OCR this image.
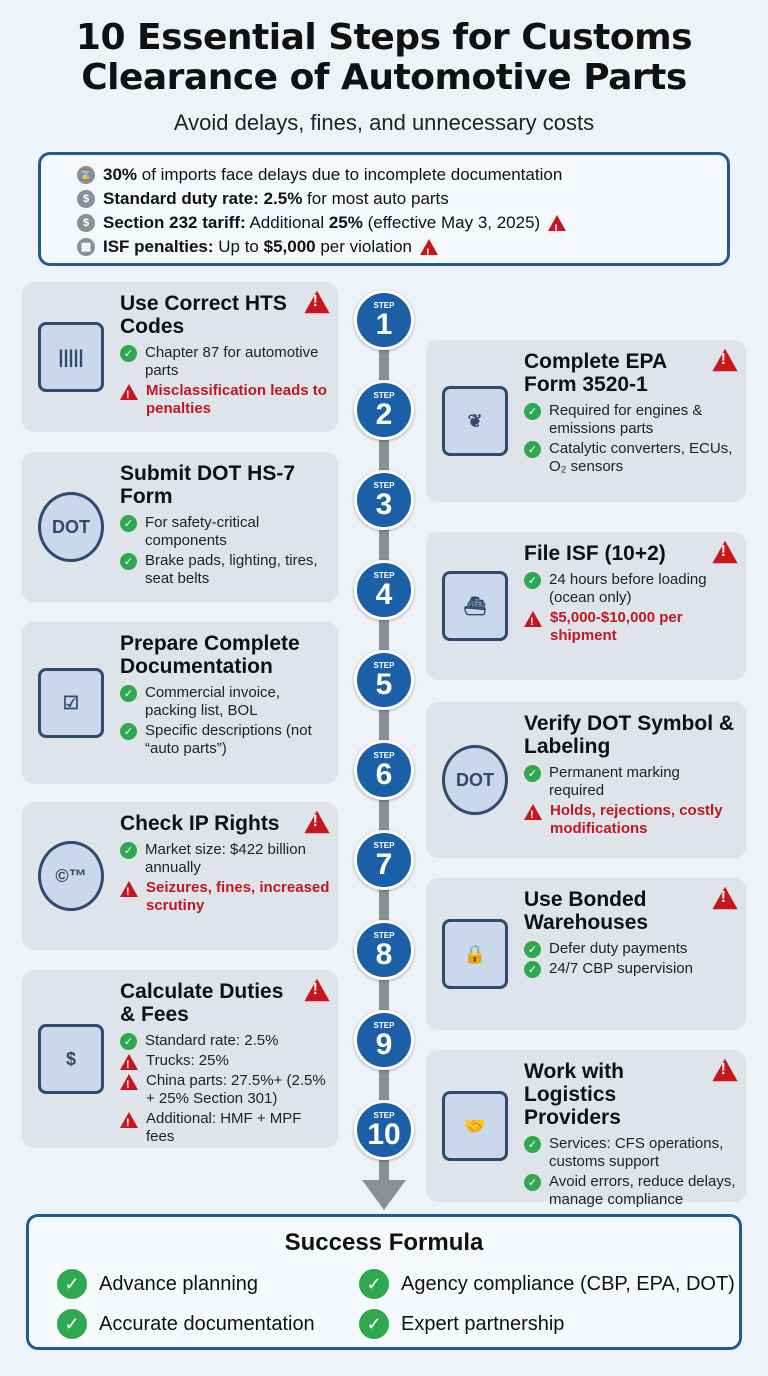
10 Essential Steps for Customs Clearance of Automotive Parts
Avoid delays, fines, and unnecessary costs
⌛ 30% of imports face delays due to incomplete documentation
$ Standard duty rate: 2.5% for most auto parts
$ Section 232 tariff: Additional 25% (effective May 3, 2025)
!
▦ ISF penalties: Up to $5,000 per violation
!
|||||
Use Correct HTS Codes
✓ Chapter 87 for automotive parts
!
Misclassification leads to penalties
!
STEP
1
❦
Complete EPA Form 3520-1
✓ Required for engines & emissions parts
✓ Catalytic converters, ECUs, O₂ sensors
!
STEP
2
DOT
Submit DOT HS-7 Form
✓ For safety-critical components
✓ Brake pads, lighting, tires, seat belts
STEP
3
⛴
File ISF (10+2)
✓ 24 hours before loading (ocean only)
!
$5,000-$10,000 per shipment
!
STEP
4
☑
Prepare Complete Documentation
✓ Commercial invoice, packing list, BOL
✓ Specific descriptions (not “auto parts”)
STEP
5
DOT
Verify DOT Symbol & Labeling
✓ Permanent marking required
!
Holds, rejections, costly modifications
STEP
6
©™
Check IP Rights
✓ Market size: $422 billion annually
!
Seizures, fines, increased scrutiny
!
STEP
7
🔒
Use Bonded Warehouses
✓ Defer duty payments
✓ 24/7 CBP supervision
!
STEP
8
$
Calculate Duties & Fees
✓ Standard rate: 2.5%
!
Trucks: 25%
!
China parts: 27.5%+ (2.5% + 25% Section 301)
!
Additional: HMF + MPF fees
!
STEP
9
🤝
Work with Logistics Providers
✓ Services: CFS operations, customs support
✓ Avoid errors, reduce delays, manage compliance
!
STEP
10
Success Formula
✓ Advance planning	✓ Agency compliance (CBP, EPA, DOT)
✓ Accurate documentation	✓ Expert partnership
